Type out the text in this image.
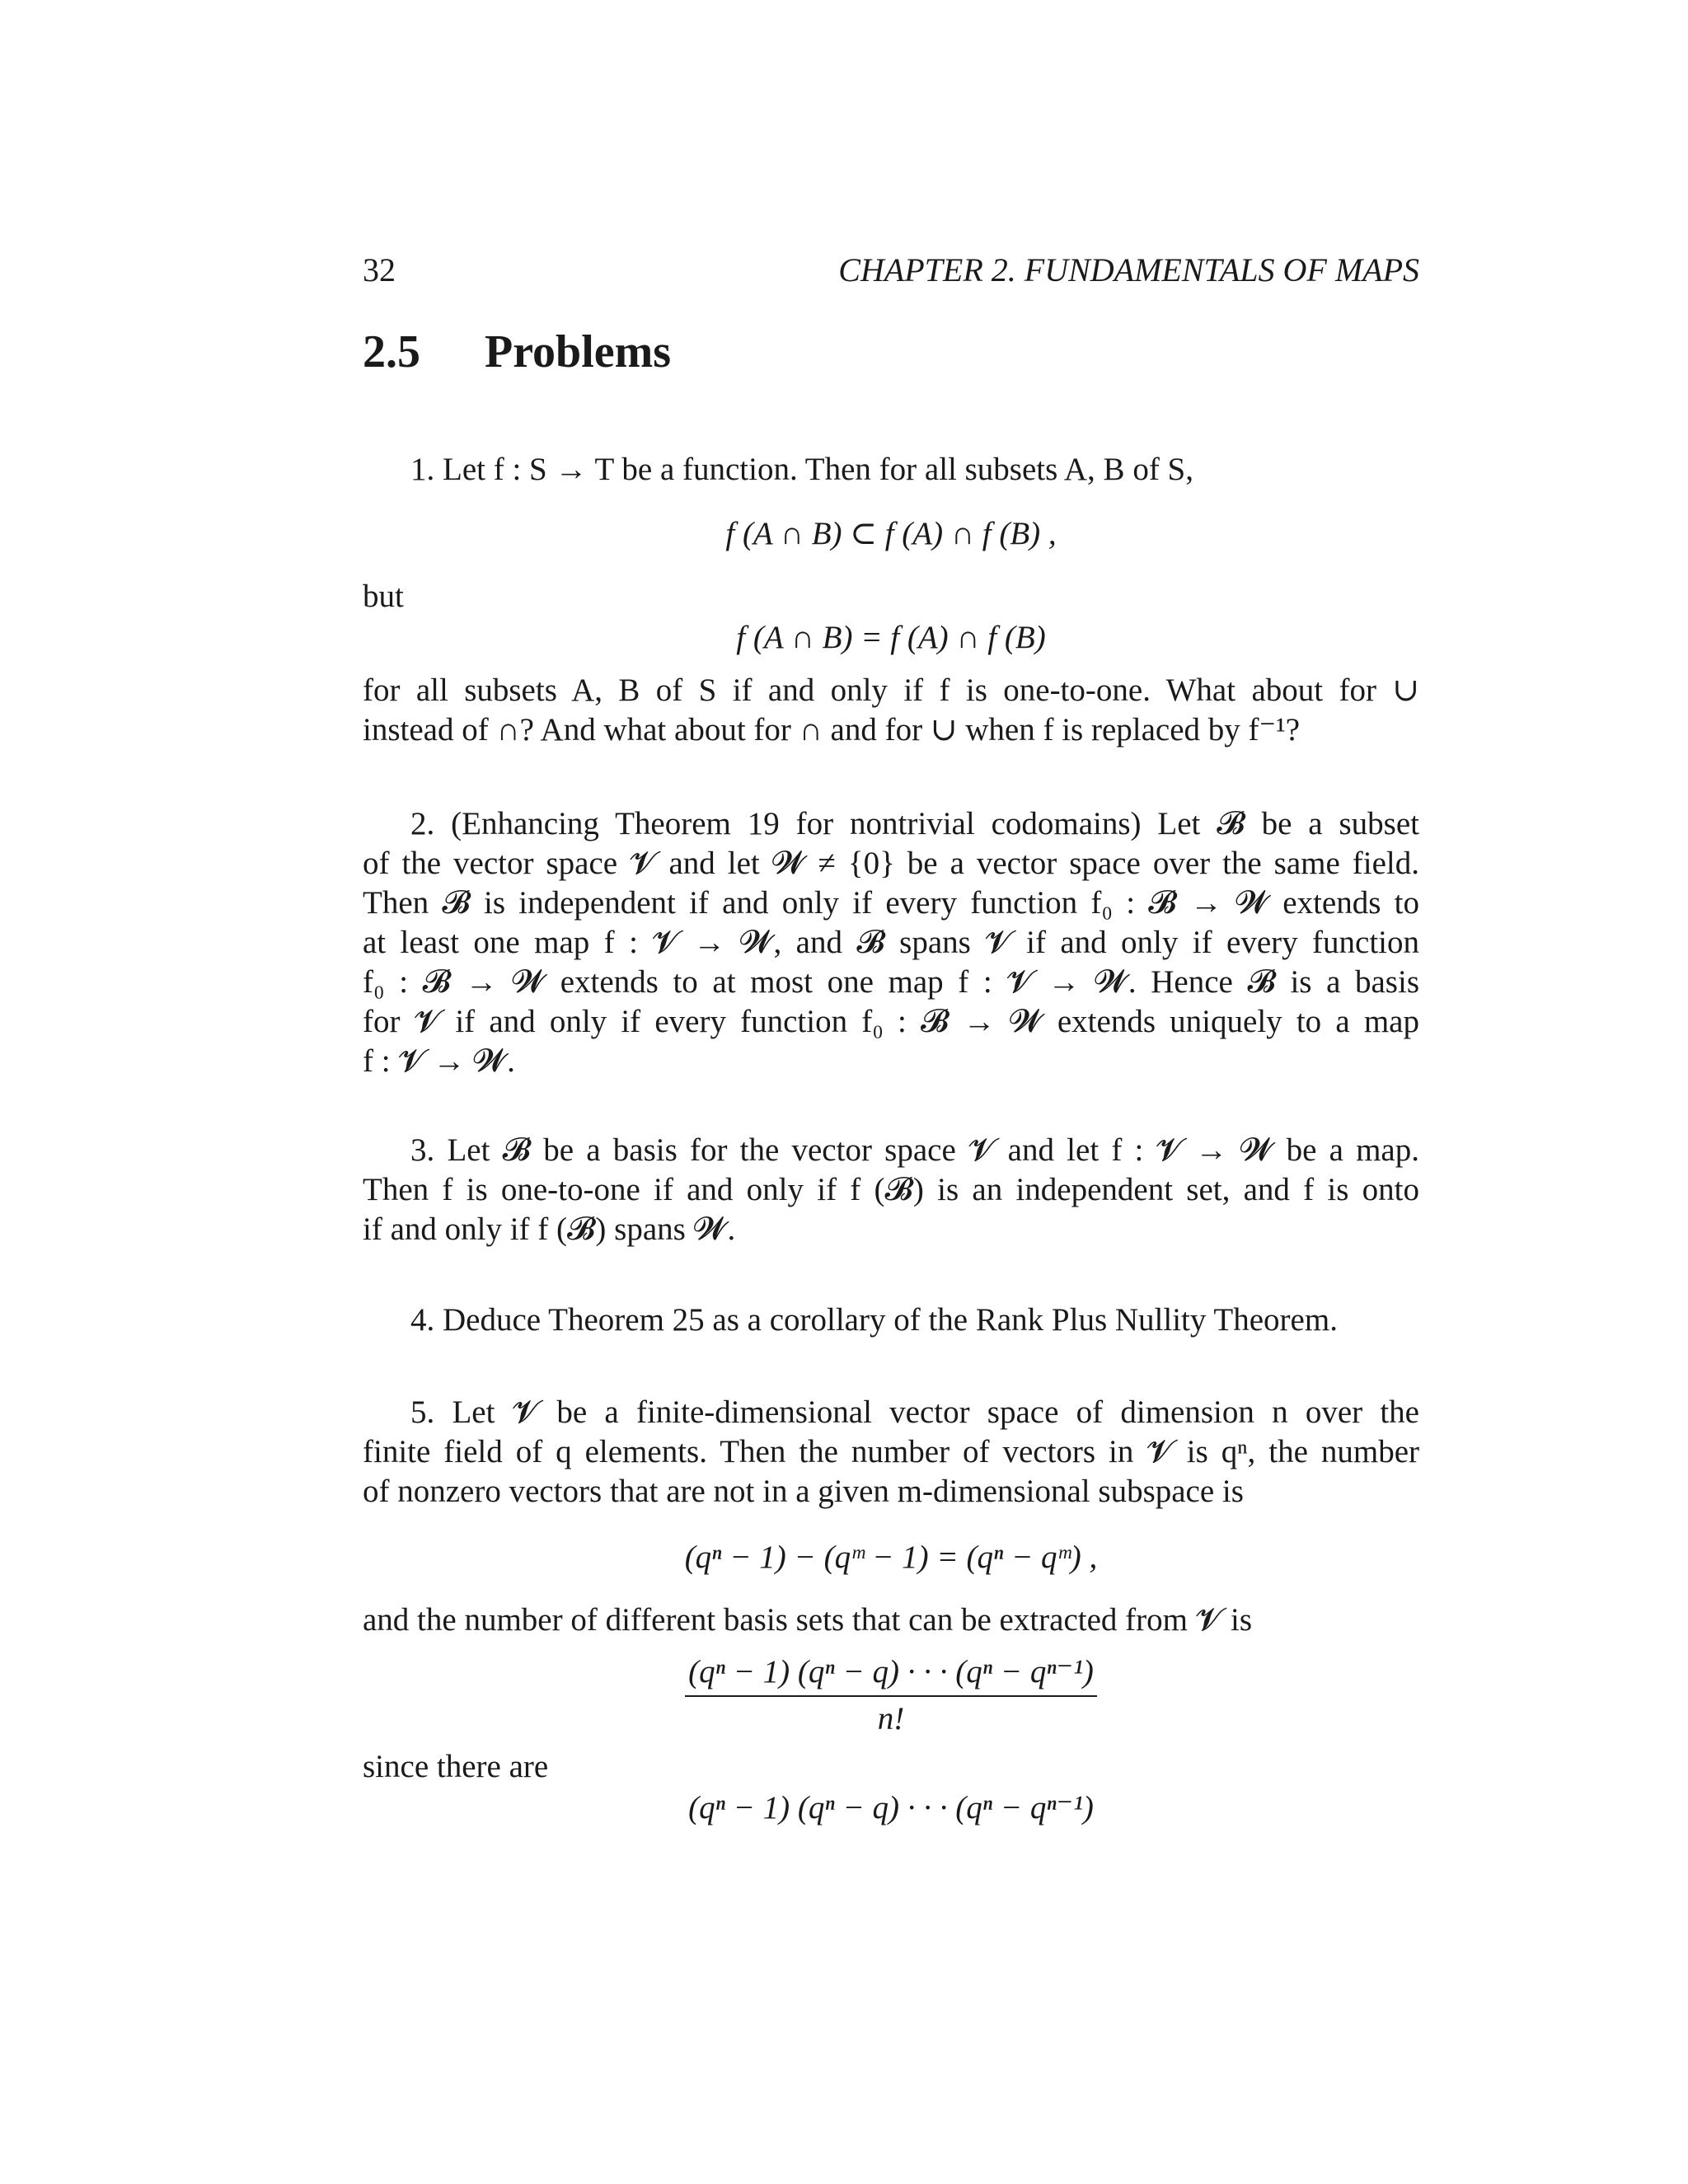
32	CHAPTER 2. FUNDAMENTALS OF MAPS
2.5 Problems
1. Let f : S → T be a function. Then for all subsets A, B of S,
f (A ∩ B) ⊂ f (A) ∩ f (B) ,
but
f (A ∩ B) = f (A) ∩ f (B)
for all subsets A, B of S if and only if f is one-to-one. What about for ∪
instead of ∩? And what about for ∩ and for ∪ when f is replaced by f⁻¹?
2. (Enhancing Theorem 19 for nontrivial codomains) Let 𝓑 be a subset
of the vector space 𝓥 and let 𝓦 ≠ {0} be a vector space over the same field.
Then 𝓑 is independent if and only if every function f₀ : 𝓑 → 𝓦 extends to
at least one map f : 𝓥 → 𝓦, and 𝓑 spans 𝓥 if and only if every function
f₀ : 𝓑 → 𝓦 extends to at most one map f : 𝓥 → 𝓦. Hence 𝓑 is a basis
for 𝓥 if and only if every function f₀ : 𝓑 → 𝓦 extends uniquely to a map
f : 𝓥 → 𝓦.
3. Let 𝓑 be a basis for the vector space 𝓥 and let f : 𝓥 → 𝓦 be a map.
Then f is one-to-one if and only if f (𝓑) is an independent set, and f is onto
if and only if f (𝓑) spans 𝓦.
4. Deduce Theorem 25 as a corollary of the Rank Plus Nullity Theorem.
5. Let 𝓥 be a finite-dimensional vector space of dimension n over the
finite field of q elements. Then the number of vectors in 𝓥 is qⁿ, the number
of nonzero vectors that are not in a given m-dimensional subspace is
(qⁿ − 1) − (qᵐ − 1) = (qⁿ − qᵐ) ,
and the number of different basis sets that can be extracted from 𝓥 is
$\frac{\text{(qⁿ − 1) (qⁿ − q) · · · (qⁿ − qⁿ⁻¹)}}{n!}$
since there are
(qⁿ − 1) (qⁿ − q) · · · (qⁿ − qⁿ⁻¹)
